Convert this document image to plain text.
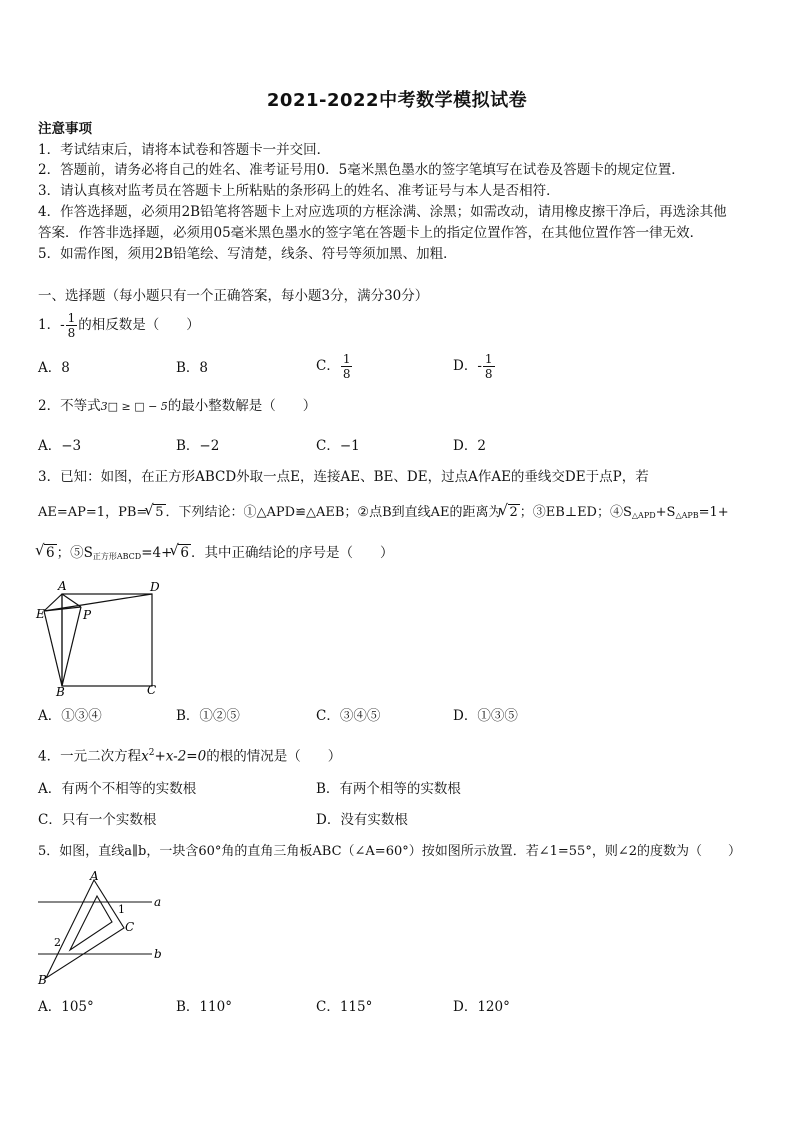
2021-2022中考数学模拟试卷
注意事项
1．考试结束后，请将本试卷和答题卡一并交回．
2．答题前，请务必将自己的姓名、准考证号用0．5毫米黑色墨水的签字笔填写在试卷及答题卡的规定位置．
3．请认真核对监考员在答题卡上所粘贴的条形码上的姓名、准考证号与本人是否相符．
4．作答选择题，必须用2B铅笔将答题卡上对应选项的方框涂满、涂黑；如需改动，请用橡皮擦干净后，再选涂其他
答案．作答非选择题，必须用05毫米黑色墨水的签字笔在答题卡上的指定位置作答，在其他位置作答一律无效．
5．如需作图，须用2B铅笔绘、写清楚，线条、符号等须加黑、加粗．
一、选择题（每小题只有一个正确答案，每小题3分，满分30分）
1．- $\frac{1}{8}$ 的相反数是（　　）
A．8	B．8	C． $\frac{1}{8}$	D．- $\frac{1}{8}$
2．不等式3□ ≥ □ − 5的最小整数解是（　　）
A．−3	B．−2	C．−1	D．2
3．已知：如图，在正方形ABCD外取一点E，连接AE、BE、DE，过点A作AE的垂线交DE于点P，若
AE=AP=1，PB=√ 5 ．下列结论：①△APD≌△AEB；②点B到直线AE的距离为√ 2 ；③EB⊥ED；$④S_{\triangle APD}+S_{\triangle APB}=1+$
√ 6 ；$⑤S_{正方形ABCD}=4+√$ 6 ．其中正确结论的序号是（　　）
A	D
E	P
B	C
A．①③④	B．①②⑤	C．③④⑤	D．①③⑤
4．一元二次方程$x^2+x-2=0$的根的情况是（　　）
A．有两个不相等的实数根	B．有两个相等的实数根
C．只有一个实数根	D．没有实数根
5．如图，直线a∥b，一块含60°角的直角三角板ABC（∠A=60°）按如图所示放置．若∠1=55°，则∠2的度数为（　　）
A
a
1
C
2
b
B
A．105°	B．110°	C．115°	D．120°
